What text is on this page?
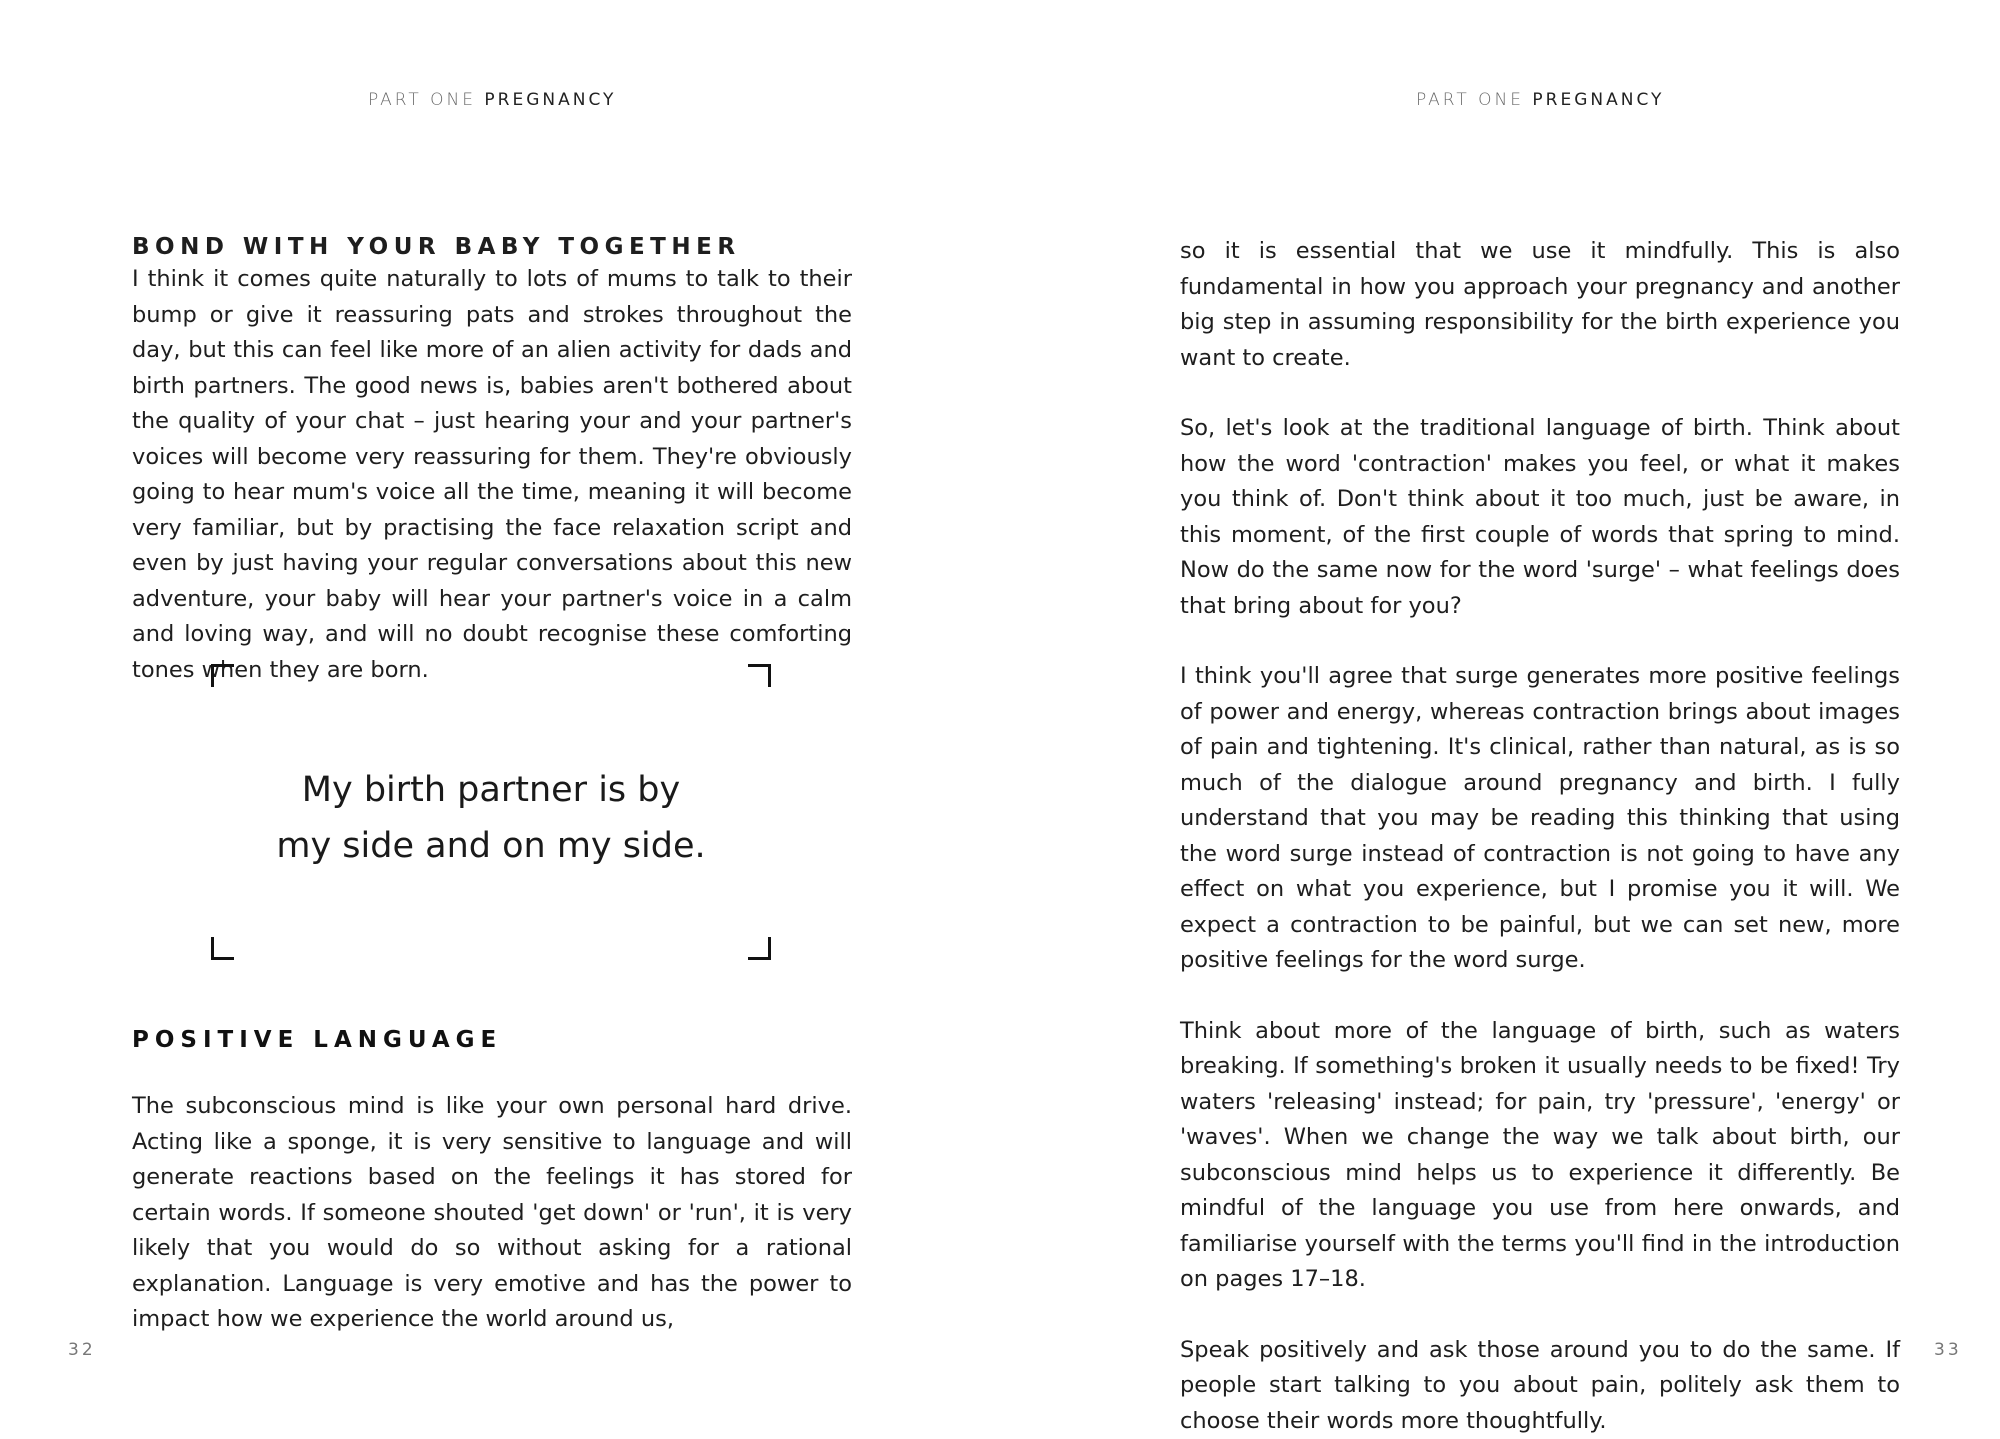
PART ONE PREGNANCY
BOND WITH YOUR BABY TOGETHER

I think it comes quite naturally to lots of mums to talk to their bump or give it reassuring pats and strokes throughout the day, but this can feel like more of an alien activity for dads and birth partners. The good news is, babies aren't bothered about the quality of your chat – just hearing your and your partner's voices will become very reassuring for them. They're obviously going to hear mum's voice all the time, meaning it will become very familiar, but by practising the face relaxation script and even by just having your regular conversations about this new adventure, your baby will hear your partner's voice in a calm and loving way, and will no doubt recognise these comforting tones when they are born.

My birth partner is by my side and on my side.
POSITIVE LANGUAGE

The subconscious mind is like your own personal hard drive. Acting like a sponge, it is very sensitive to language and will generate reactions based on the feelings it has stored for certain words. If someone shouted 'get down' or 'run', it is very likely that you would do so without asking for a rational explanation. Language is very emotive and has the power to impact how we experience the world around us,

32
PART ONE PREGNANCY

so it is essential that we use it mindfully. This is also fundamental in how you approach your pregnancy and another big step in assuming responsibility for the birth experience you want to create.

So, let's look at the traditional language of birth. Think about how the word 'contraction' makes you feel, or what it makes you think of. Don't think about it too much, just be aware, in this moment, of the first couple of words that spring to mind. Now do the same now for the word 'surge' – what feelings does that bring about for you?

I think you'll agree that surge generates more positive feelings of power and energy, whereas contraction brings about images of pain and tightening. It's clinical, rather than natural, as is so much of the dialogue around pregnancy and birth. I fully understand that you may be reading this thinking that using the word surge instead of contraction is not going to have any effect on what you experience, but I promise you it will. We expect a contraction to be painful, but we can set new, more positive feelings for the word surge.

Think about more of the language of birth, such as waters breaking. If something's broken it usually needs to be fixed! Try waters 'releasing' instead; for pain, try 'pressure', 'energy' or 'waves'. When we change the way we talk about birth, our subconscious mind helps us to experience it differently. Be mindful of the language you use from here onwards, and familiarise yourself with the terms you'll find in the introduction on pages 17–18.

Speak positively and ask those around you to do the same. If people start talking to you about pain, politely ask them to choose their words more thoughtfully.

33
